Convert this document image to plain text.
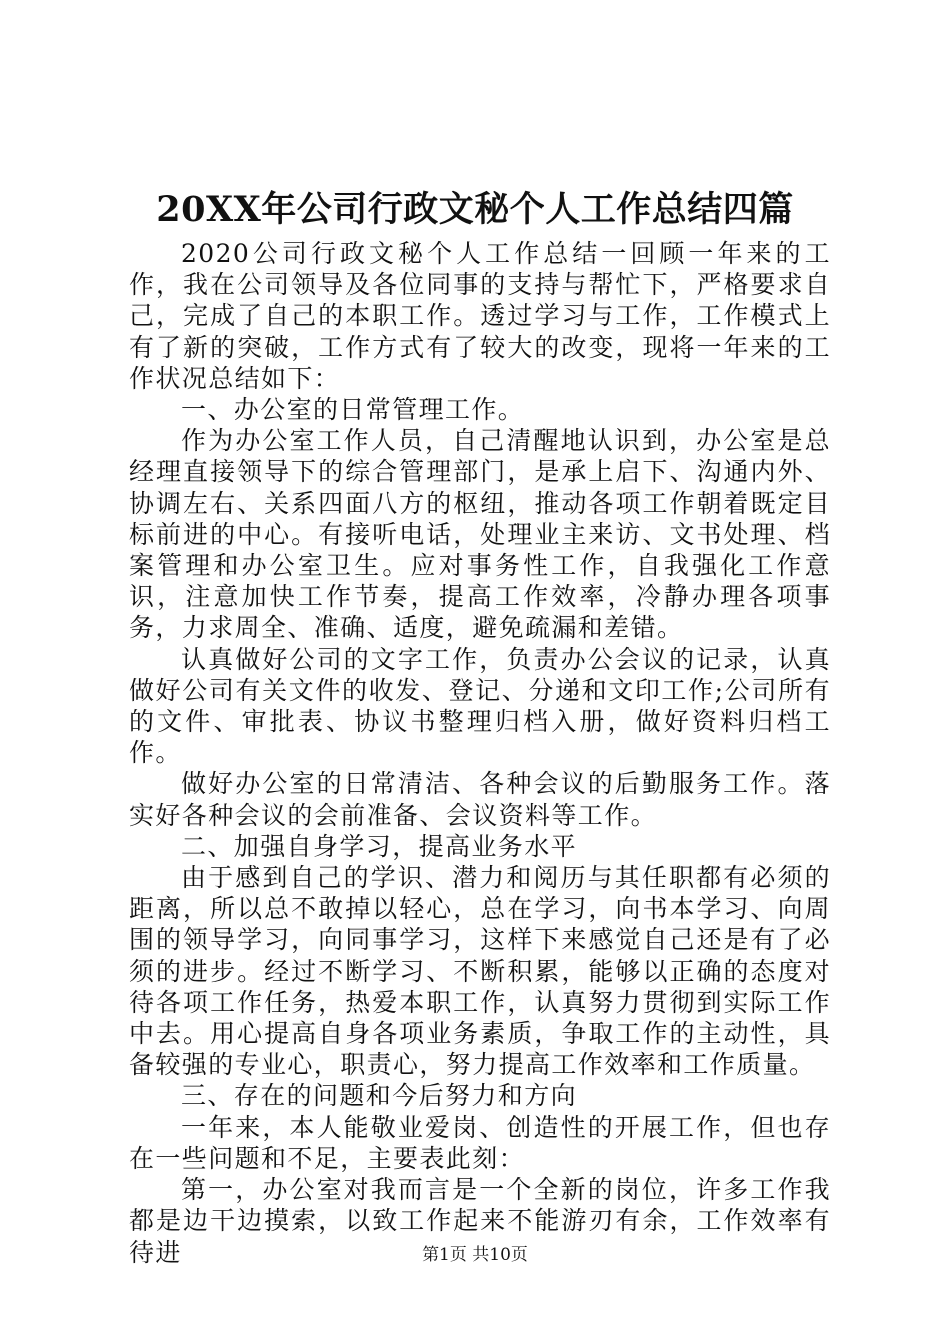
20XX年公司行政文秘个人工作总结四篇

2020公司行政文秘个人工作总结一回顾一年来的工作，我在公司领导及各位同事的支持与帮忙下，严格要求自己，完成了自己的本职工作。透过学习与工作，工作模式上有了新的突破，工作方式有了较大的改变，现将一年来的工作状况总结如下：

一、办公室的日常管理工作。

作为办公室工作人员，自己清醒地认识到，办公室是总经理直接领导下的综合管理部门，是承上启下、沟通内外、协调左右、关系四面八方的枢纽，推动各项工作朝着既定目标前进的中心。有接听电话，处理业主来访、文书处理、档案管理和办公室卫生。应对事务性工作，自我强化工作意识，注意加快工作节奏，提高工作效率，冷静办理各项事务，力求周全、准确、适度，避免疏漏和差错。

认真做好公司的文字工作，负责办公会议的记录，认真做好公司有关文件的收发、登记、分递和文印工作;公司所有的文件、审批表、协议书整理归档入册，做好资料归档工作。

做好办公室的日常清洁、各种会议的后勤服务工作。落实好各种会议的会前准备、会议资料等工作。

二、加强自身学习，提高业务水平

由于感到自己的学识、潜力和阅历与其任职都有必须的距离，所以总不敢掉以轻心，总在学习，向书本学习、向周围的领导学习，向同事学习，这样下来感觉自己还是有了必须的进步。经过不断学习、不断积累，能够以正确的态度对待各项工作任务，热爱本职工作，认真努力贯彻到实际工作中去。用心提高自身各项业务素质，争取工作的主动性，具备较强的专业心，职责心，努力提高工作效率和工作质量。

三、存在的问题和今后努力和方向

一年来，本人能敬业爱岗、创造性的开展工作，但也存在一些问题和不足，主要表此刻：

第一，办公室对我而言是一个全新的岗位，许多工作我都是边干边摸索，以致工作起来不能游刃有余，工作效率有待进	第1页 共10页
